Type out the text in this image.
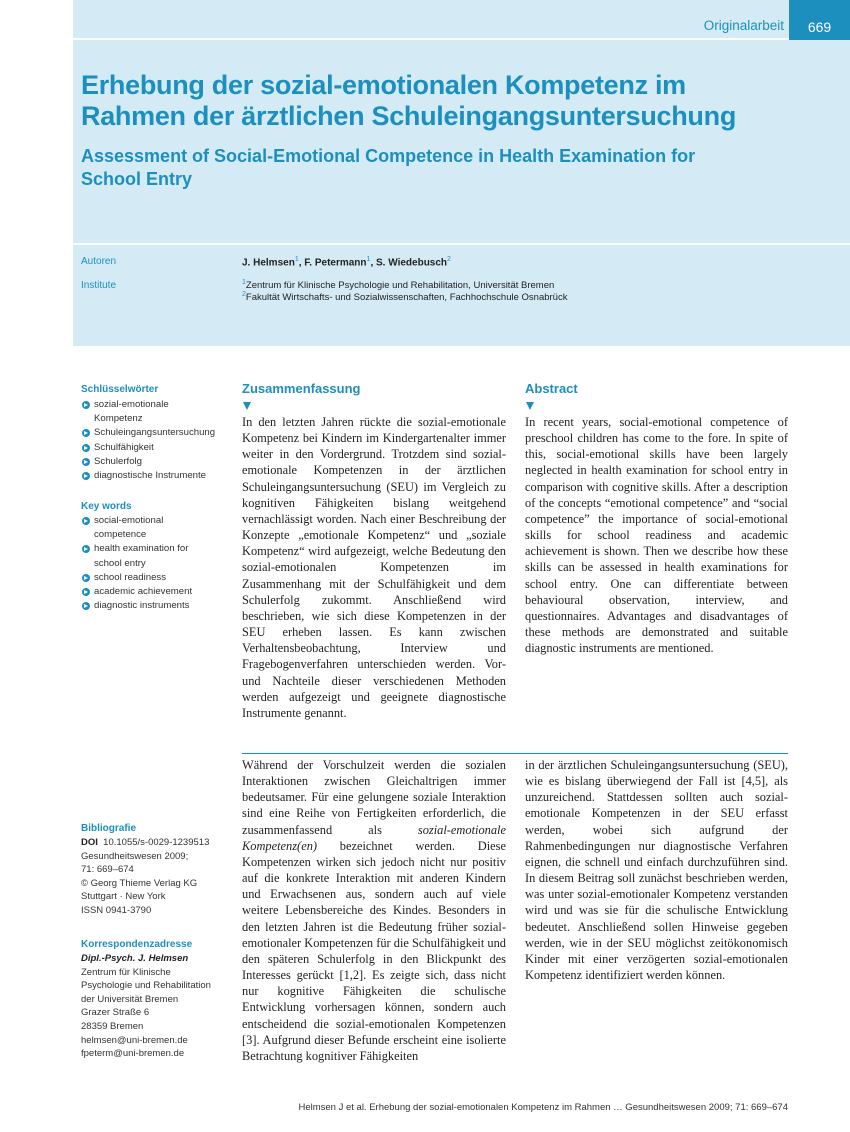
Originalarbeit	669
Erhebung der sozial-emotionalen Kompetenz im
Rahmen der ärztlichen Schuleingangsuntersuchung
Assessment of Social-Emotional Competence in Health Examination for
School Entry
Autoren	J. Helmsen$^1$, F. Petermann$^1$, S. Wiedebusch$^2$
Institute	$^1$Zentrum für Klinische Psychologie und Rehabilitation, Universität Bremen
$^2$Fakultät Wirtschafts- und Sozialwissenschaften, Fachhochschule Osnabrück
Schlüsselwörter
sozial-emotionale
Kompetenz
Schuleingangsuntersuchung
Schulfähigkeit
Schulerfolg
diagnostische Instrumente
Key words
social-emotional
competence
health examination for
school entry
school readiness
academic achievement
diagnostic instruments
Zusammenfassung

In den letzten Jahren rückte die sozial-emotionale Kompetenz bei Kindern im Kindergartenalter immer weiter in den Vordergrund. Trotzdem sind sozial-emotionale Kompetenzen in der ärztlichen Schuleingangsuntersuchung (SEU) im Vergleich zu kognitiven Fähigkeiten bislang weitgehend vernachlässigt worden. Nach einer Beschreibung der Konzepte „emotionale Kompetenz“ und „soziale Kompetenz“ wird aufgezeigt, welche Bedeutung den sozial-emotionalen Kompetenzen im Zusammenhang mit der Schulfähigkeit und dem Schulerfolg zukommt. Anschließend wird beschrieben, wie sich diese Kompetenzen in der SEU erheben lassen. Es kann zwischen Verhaltensbeobachtung, Interview und Fragebogenverfahren unterschieden werden. Vor- und Nachteile dieser verschiedenen Methoden werden aufgezeigt und geeignete diagnostische Instrumente genannt.

Abstract

In recent years, social-emotional competence of preschool children has come to the fore. In spite of this, social-emotional skills have been largely neglected in health examination for school entry in comparison with cognitive skills. After a description of the concepts “emotional competence” and “social competence” the importance of social-emotional skills for school readiness and academic achievement is shown. Then we describe how these skills can be assessed in health examinations for school entry. One can differentiate between behavioural observation, interview, and questionnaires. Advantages and disadvantages of these methods are demonstrated and suitable diagnostic instruments are mentioned.

Während der Vorschulzeit werden die sozialen Interaktionen zwischen Gleichaltrigen immer bedeutsamer. Für eine gelungene soziale Interaktion sind eine Reihe von Fertigkeiten erforderlich, die zusammenfassend als sozial-emotionale Kompetenz(en) bezeichnet werden. Diese Kompetenzen wirken sich jedoch nicht nur positiv auf die konkrete Interaktion mit anderen Kindern und Erwachsenen aus, sondern auch auf viele weitere Lebensbereiche des Kindes. Besonders in den letzten Jahren ist die Bedeutung früher sozial-emotionaler Kompetenzen für die Schulfähigkeit und den späteren Schulerfolg in den Blickpunkt des Interesses gerückt [1,2]. Es zeigte sich, dass nicht nur kognitive Fähigkeiten die schulische Entwicklung vorhersagen können, sondern auch entscheidend die sozial-emotionalen Kompetenzen [3]. Aufgrund dieser Befunde erscheint eine isolierte Betrachtung kognitiver Fähigkeiten

in der ärztlichen Schuleingangsuntersuchung (SEU), wie es bislang überwiegend der Fall ist [4,5], als unzureichend. Stattdessen sollten auch sozial-emotionale Kompetenzen in der SEU erfasst werden, wobei sich aufgrund der Rahmenbedingungen nur diagnostische Verfahren eignen, die schnell und einfach durchzuführen sind. In diesem Beitrag soll zunächst beschrieben werden, was unter sozial-emotionaler Kompetenz verstanden wird und was sie für die schulische Entwicklung bedeutet. Anschließend sollen Hinweise gegeben werden, wie in der SEU möglichst zeitökonomisch Kinder mit einer verzögerten sozial-emotionalen Kompetenz identifiziert werden können.

Bibliografie
DOI 10.1055/s-0029-1239513
Gesundheitswesen 2009;
71: 669–674
© Georg Thieme Verlag KG
Stuttgart · New York
ISSN 0941-3790
Korrespondenzadresse
Dipl.-Psych. J. Helmsen
Zentrum für Klinische
Psychologie und Rehabilitation
der Universität Bremen
Grazer Straße 6
28359 Bremen
helmsen@uni-bremen.de
fpeterm@uni-bremen.de
Helmsen J et al. Erhebung der sozial-emotionalen Kompetenz im Rahmen … Gesundheitswesen 2009; 71: 669–674
